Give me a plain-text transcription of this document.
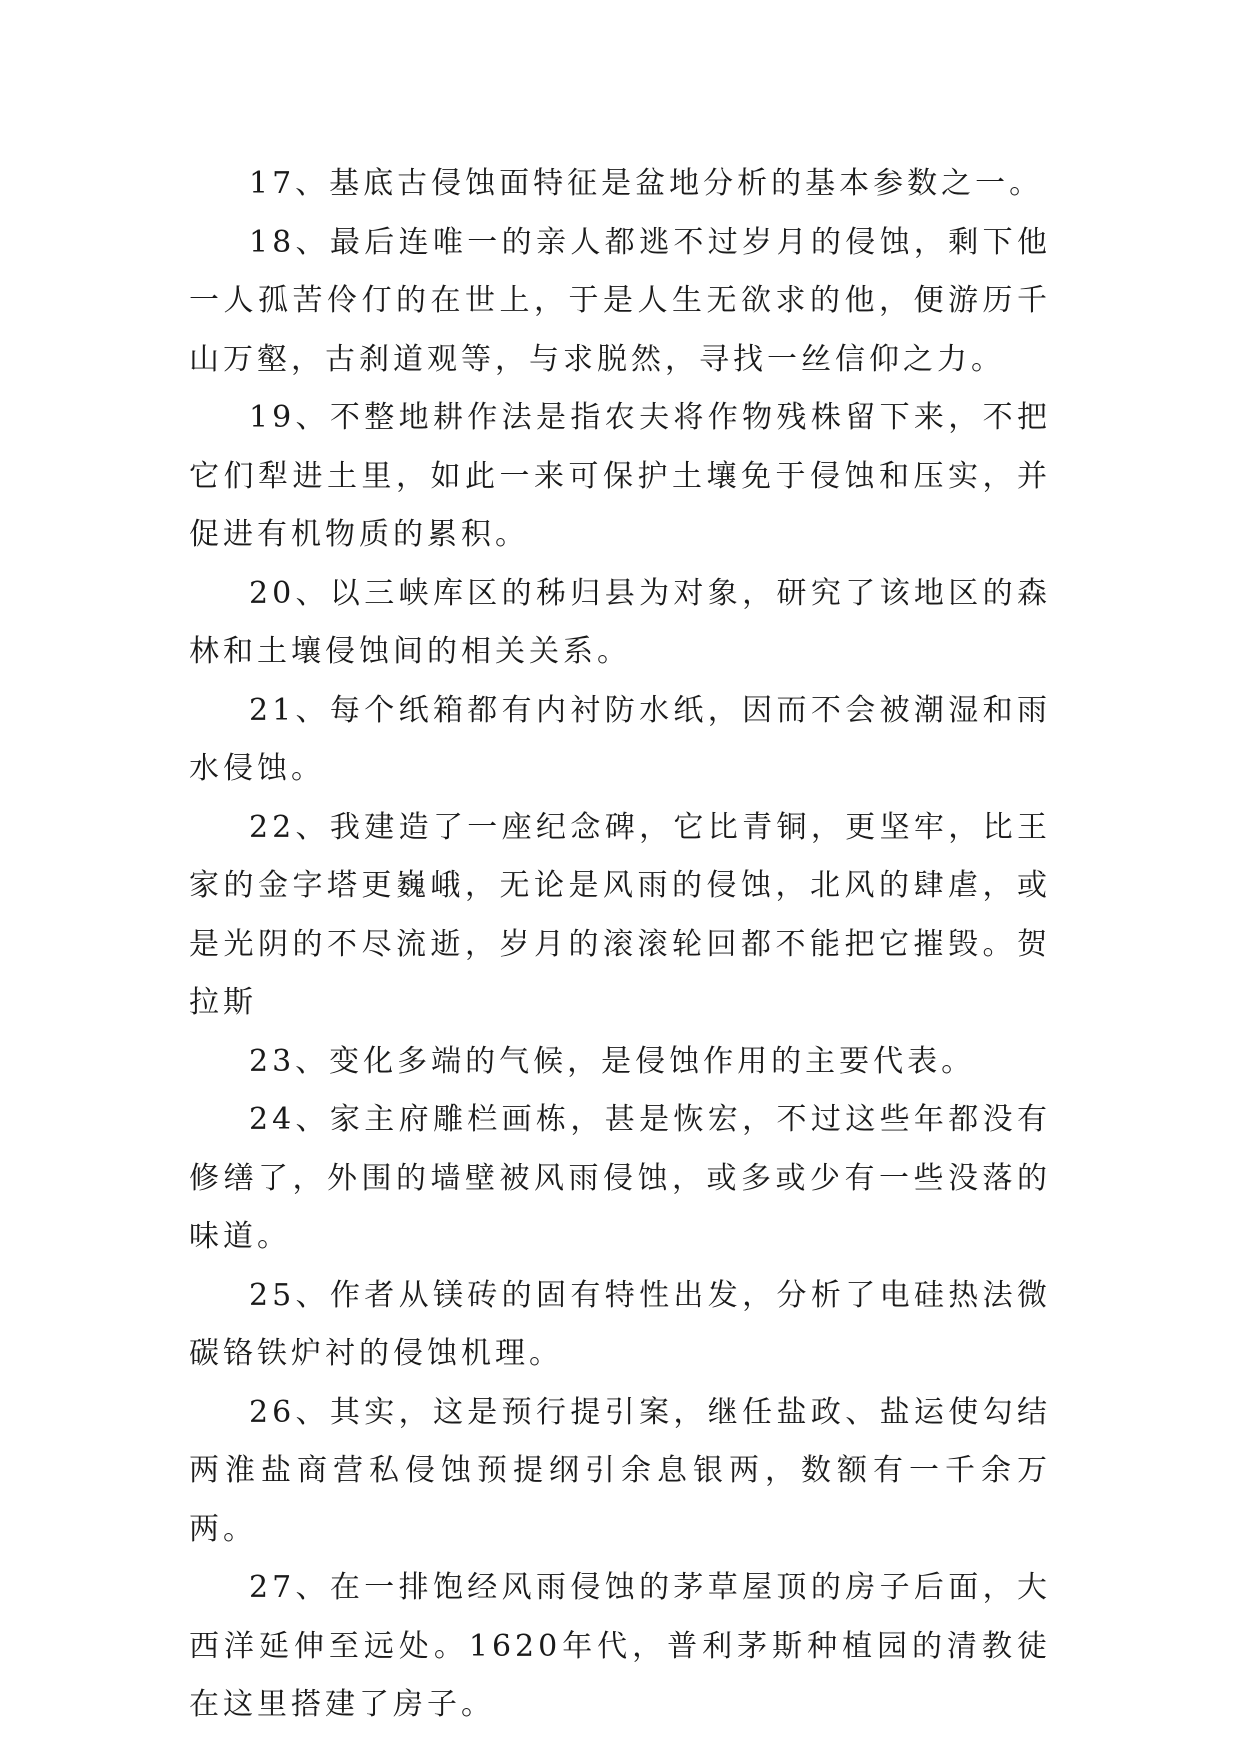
17、基底古侵蚀面特征是盆地分析的基本参数之一。

18、最后连唯一的亲人都逃不过岁月的侵蚀，剩下他一人孤苦伶仃的在世上，于是人生无欲求的他，便游历千山万壑，古刹道观等，与求脱然，寻找一丝信仰之力。

19、不整地耕作法是指农夫将作物残株留下来，不把它们犁进土里，如此一来可保护土壤免于侵蚀和压实，并促进有机物质的累积。

20、以三峡库区的秭归县为对象，研究了该地区的森林和土壤侵蚀间的相关关系。

21、每个纸箱都有内衬防水纸，因而不会被潮湿和雨水侵蚀。

22、我建造了一座纪念碑，它比青铜，更坚牢，比王家的金字塔更巍峨，无论是风雨的侵蚀，北风的肆虐，或是光阴的不尽流逝，岁月的滚滚轮回都不能把它摧毁。贺拉斯

23、变化多端的气候，是侵蚀作用的主要代表。

24、家主府雕栏画栋，甚是恢宏，不过这些年都没有修缮了，外围的墙壁被风雨侵蚀，或多或少有一些没落的味道。

25、作者从镁砖的固有特性出发，分析了电硅热法微碳铬铁炉衬的侵蚀机理。

26、其实，这是预行提引案，继任盐政、盐运使勾结两淮盐商营私侵蚀预提纲引余息银两，数额有一千余万两。

27、在一排饱经风雨侵蚀的茅草屋顶的房子后面，大西洋延伸至远处。1620年代，普利茅斯种植园的清教徒在这里搭建了房子。
